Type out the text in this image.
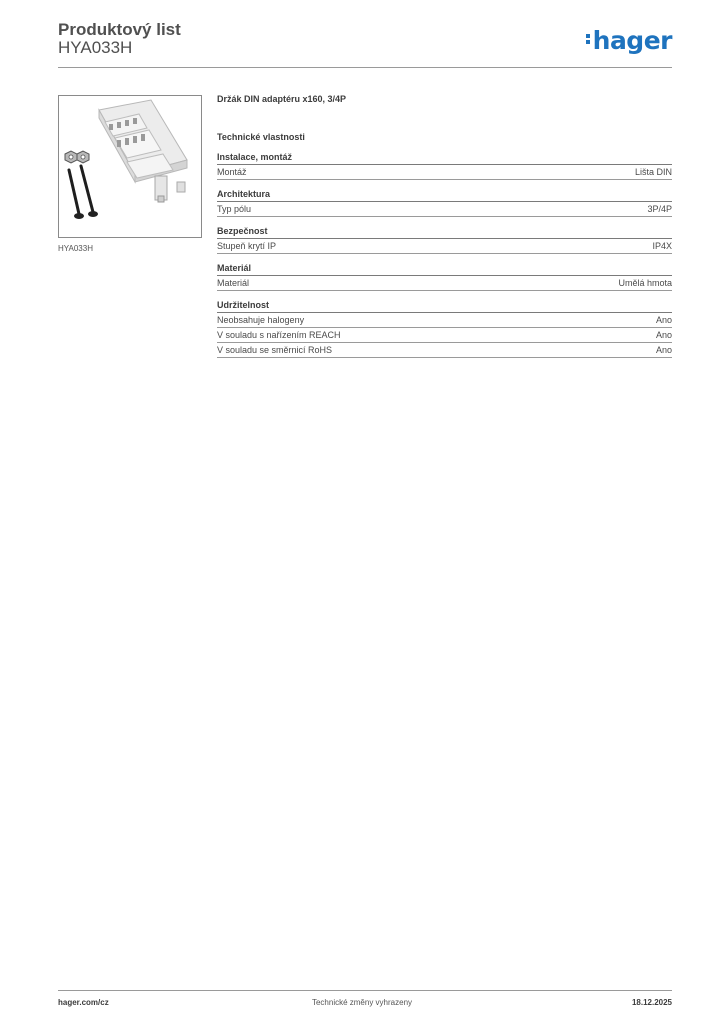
Produktový list
HYA033H	hager
HYA033H
Držák DIN adaptéru x160, 3/4P
Technické vlastnosti
Instalace, montáž
Montáž	Lišta DIN
Architektura
Typ pólu	3P/4P
Bezpečnost
Stupeň krytí IP	IP4X
Materiál
Materiál	Umělá hmota
Udržitelnost
Neobsahuje halogeny	Ano
V souladu s nařízením REACH	Ano
V souladu se směrnicí RoHS	Ano
hager.com/cz	Technické změny vyhrazeny	18.12.2025
